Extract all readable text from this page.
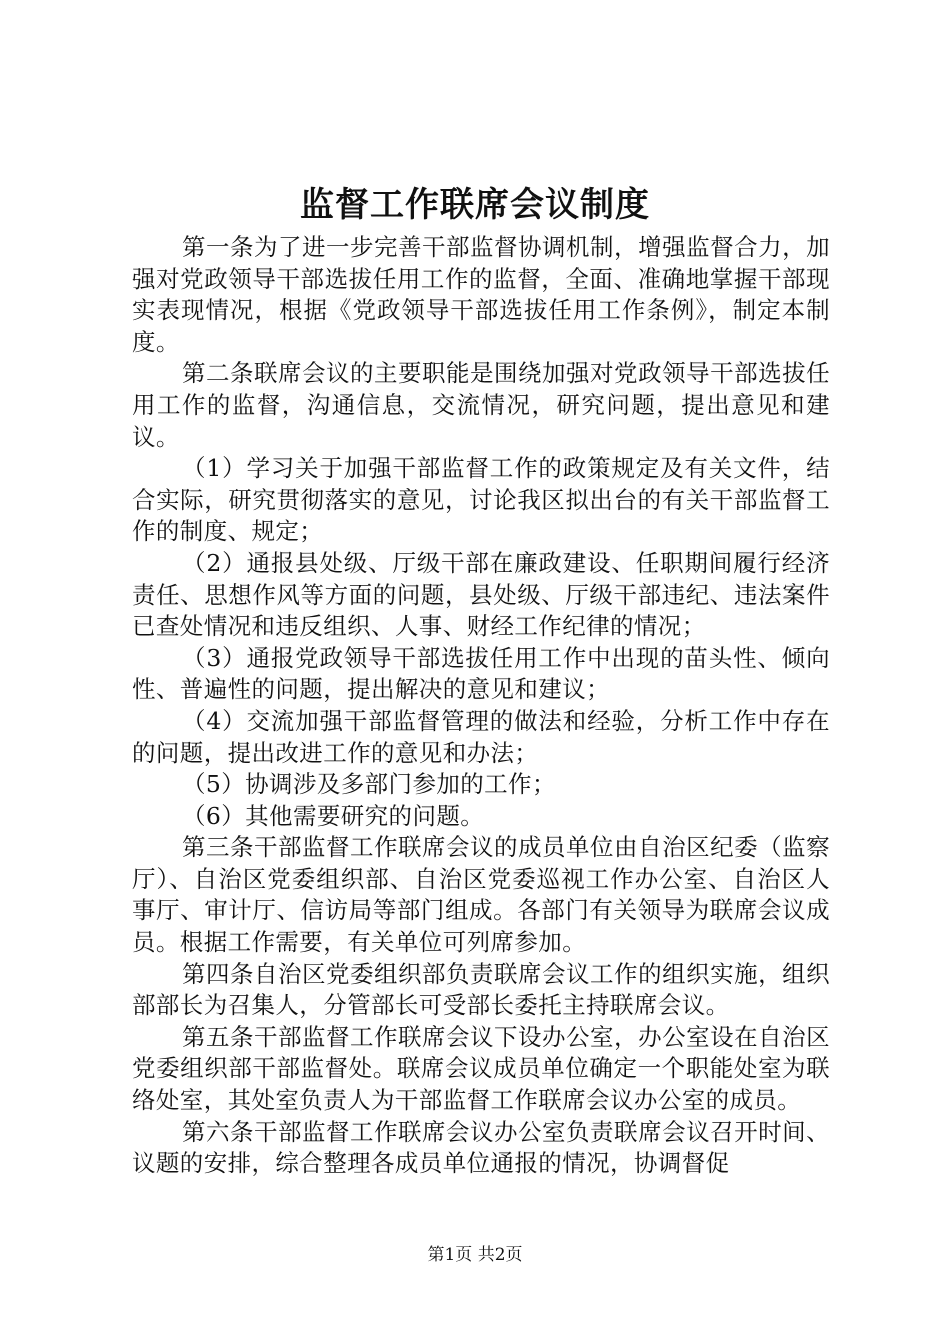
监督工作联席会议制度

第一条为了进一步完善干部监督协调机制，增强监督合力，加强对党政领导干部选拔任用工作的监督，全面、准确地掌握干部现实表现情况，根据《党政领导干部选拔任用工作条例》，制定本制度。

第二条联席会议的主要职能是围绕加强对党政领导干部选拔任用工作的监督，沟通信息，交流情况，研究问题，提出意见和建议。

（1）学习关于加强干部监督工作的政策规定及有关文件，结合实际，研究贯彻落实的意见，讨论我区拟出台的有关干部监督工作的制度、规定；

（2）通报县处级、厅级干部在廉政建设、任职期间履行经济责任、思想作风等方面的问题，县处级、厅级干部违纪、违法案件已查处情况和违反组织、人事、财经工作纪律的情况；

（3）通报党政领导干部选拔任用工作中出现的苗头性、倾向性、普遍性的问题，提出解决的意见和建议；

（4）交流加强干部监督管理的做法和经验，分析工作中存在的问题，提出改进工作的意见和办法；

（5）协调涉及多部门参加的工作；

（6）其他需要研究的问题。

第三条干部监督工作联席会议的成员单位由自治区纪委（监察厅）、自治区党委组织部、自治区党委巡视工作办公室、自治区人事厅、审计厅、信访局等部门组成。各部门有关领导为联席会议成员。根据工作需要，有关单位可列席参加。

第四条自治区党委组织部负责联席会议工作的组织实施，组织部部长为召集人，分管部长可受部长委托主持联席会议。

第五条干部监督工作联席会议下设办公室，办公室设在自治区党委组织部干部监督处。联席会议成员单位确定一个职能处室为联络处室，其处室负责人为干部监督工作联席会议办公室的成员。

第六条干部监督工作联席会议办公室负责联席会议召开时间、议题的安排，综合整理各成员单位通报的情况，协调督促

第1页 共2页
